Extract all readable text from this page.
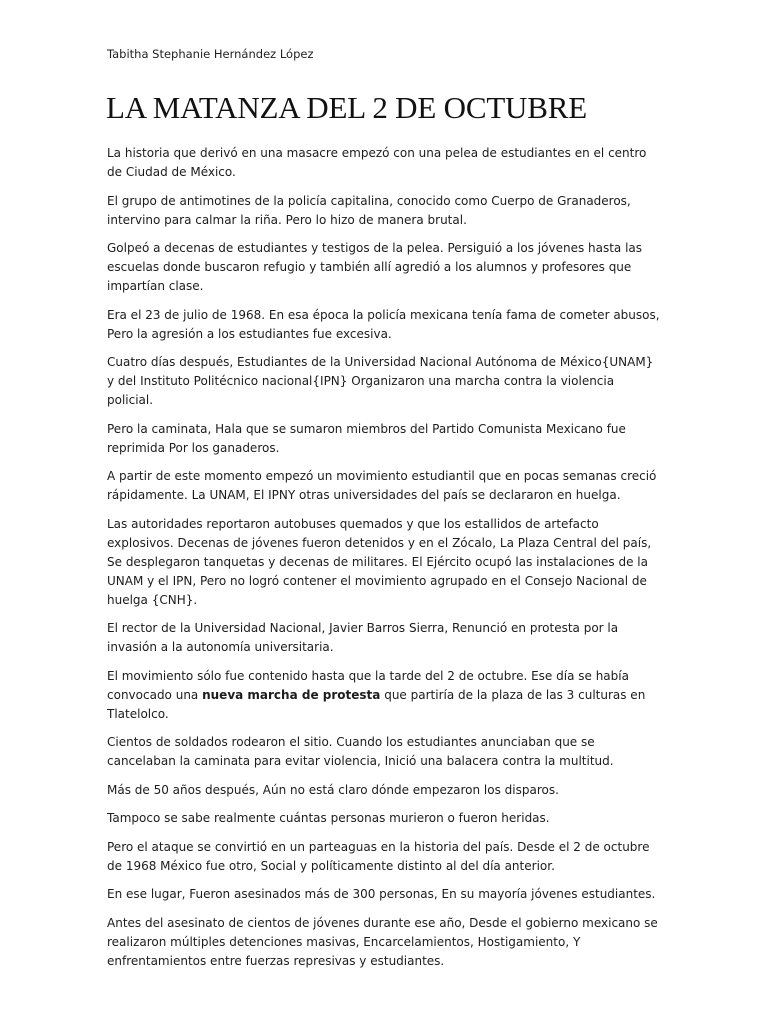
Tabitha Stephanie Hernández López

LA MATANZA DEL 2 DE OCTUBRE

La historia que derivó en una masacre empezó con una pelea de estudiantes en el centro de Ciudad de México.

El grupo de antimotines de la policía capitalina, conocido como Cuerpo de Granaderos, intervino para calmar la riña. Pero lo hizo de manera brutal.

Golpeó a decenas de estudiantes y testigos de la pelea. Persiguió a los jóvenes hasta las escuelas donde buscaron refugio y también allí agredió a los alumnos y profesores que impartían clase.

Era el 23 de julio de 1968. En esa época la policía mexicana tenía fama de cometer abusos, Pero la agresión a los estudiantes fue excesiva.

Cuatro días después, Estudiantes de la Universidad Nacional Autónoma de México{UNAM} y del Instituto Politécnico nacional{IPN} Organizaron una marcha contra la violencia policial.

Pero la caminata, Hala que se sumaron miembros del Partido Comunista Mexicano fue reprimida Por los ganaderos.

A partir de este momento empezó un movimiento estudiantil que en pocas semanas creció rápidamente. La UNAM, El IPNY otras universidades del país se declararon en huelga.

Las autoridades reportaron autobuses quemados y que los estallidos de artefacto explosivos. Decenas de jóvenes fueron detenidos y en el Zócalo, La Plaza Central del país, Se desplegaron tanquetas y decenas de militares. El Ejército ocupó las instalaciones de la UNAM y el IPN, Pero no logró contener el movimiento agrupado en el Consejo Nacional de huelga {CNH}.

El rector de la Universidad Nacional, Javier Barros Sierra, Renunció en protesta por la invasión a la autonomía universitaria.

El movimiento sólo fue contenido hasta que la tarde del 2 de octubre. Ese día se había convocado una nueva marcha de protesta que partiría de la plaza de las 3 culturas en Tlatelolco.

Cientos de soldados rodearon el sitio. Cuando los estudiantes anunciaban que se cancelaban la caminata para evitar violencia, Inició una balacera contra la multitud.

Más de 50 años después, Aún no está claro dónde empezaron los disparos.

Tampoco se sabe realmente cuántas personas murieron o fueron heridas.

Pero el ataque se convirtió en un parteaguas en la historia del país. Desde el 2 de octubre de 1968 México fue otro, Social y políticamente distinto al del día anterior.

En ese lugar, Fueron asesinados más de 300 personas, En su mayoría jóvenes estudiantes.

Antes del asesinato de cientos de jóvenes durante ese año, Desde el gobierno mexicano se realizaron múltiples detenciones masivas, Encarcelamientos, Hostigamiento, Y enfrentamientos entre fuerzas represivas y estudiantes.
